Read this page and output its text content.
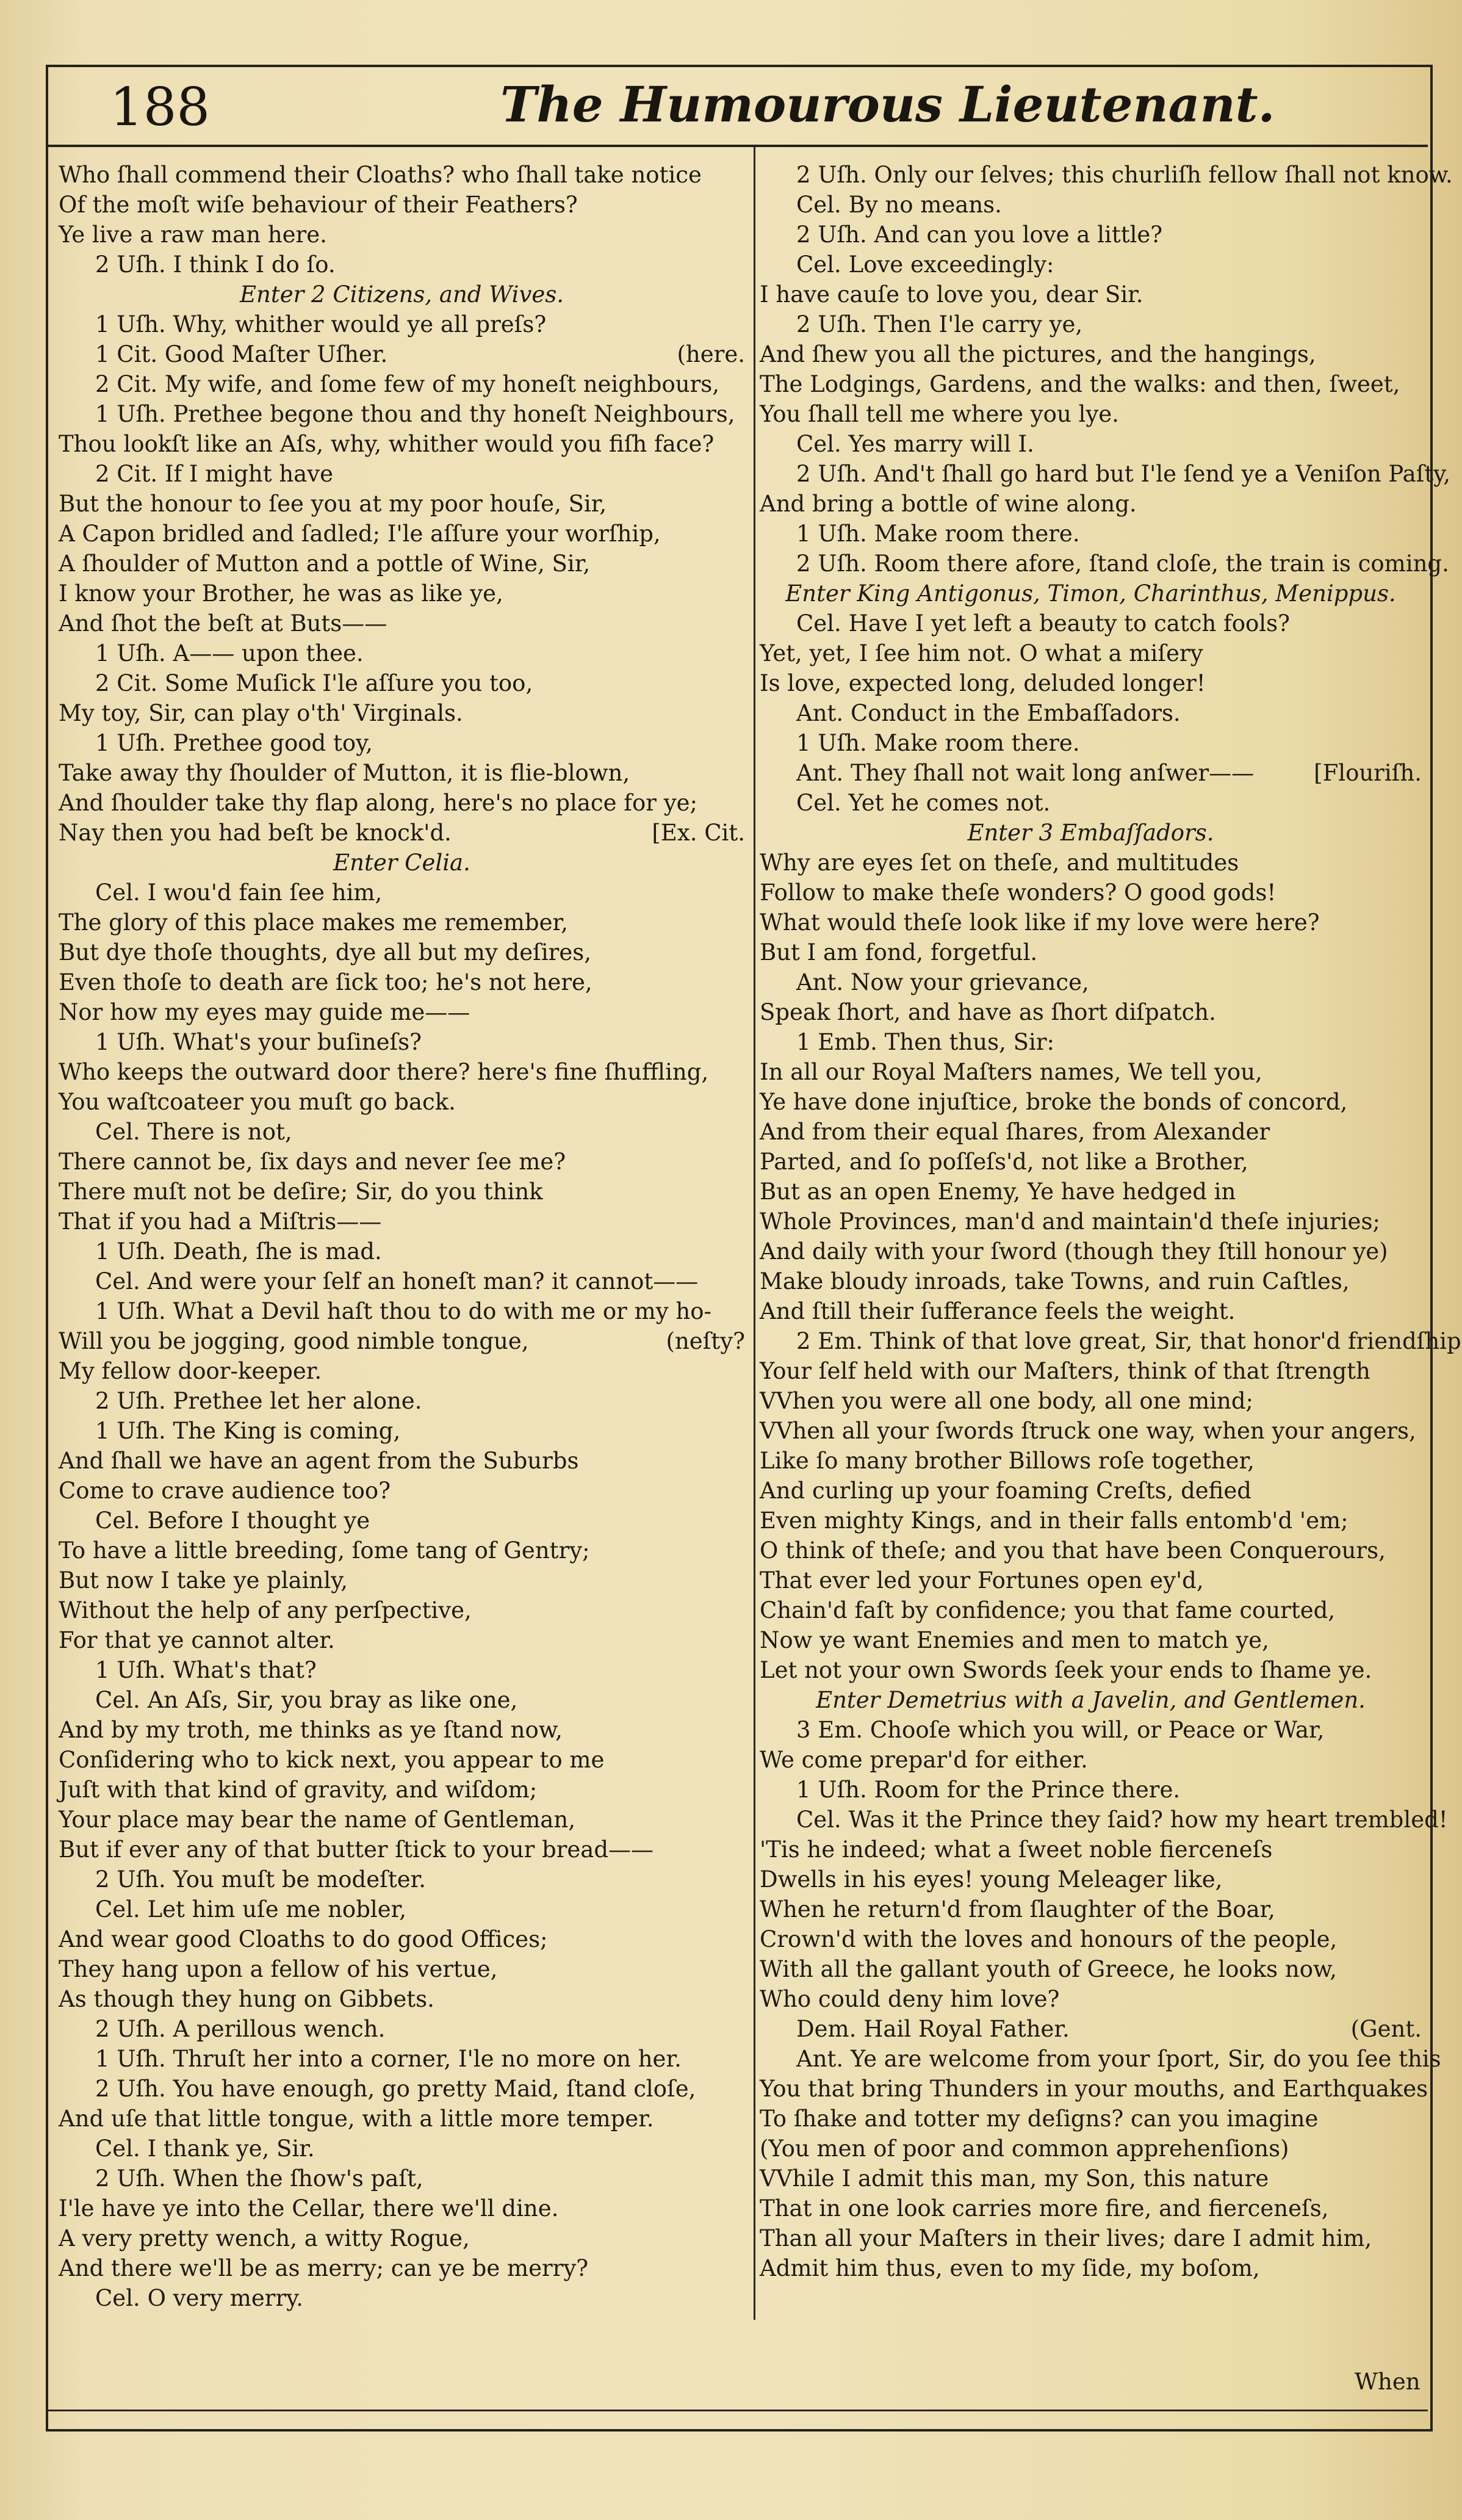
188	The Humourous Lieutenant.
Who ſhall commend their Cloaths? who ſhall take notice
Of the moſt wiſe behaviour of their Feathers?
Ye live a raw man here.
2 Uſh. I think I do ſo.
Enter 2 Citizens, and Wives.
1 Uſh. Why, whither would ye all preſs?
1 Cit. Good Maſter Uſher.	(here.
2 Cit. My wife, and ſome few of my honeſt neighbours,
1 Uſh. Prethee begone thou and thy honeſt Neighbours,
Thou lookſt like an Aſs, why, whither would you fiſh face?
2 Cit. If I might have
But the honour to ſee you at my poor houſe, Sir,
A Capon bridled and ſadled; I'le aſſure your worſhip,
A ſhoulder of Mutton and a pottle of Wine, Sir,
I know your Brother, he was as like ye,
And ſhot the beſt at Buts——
1 Uſh. A—— upon thee.
2 Cit. Some Muſick I'le aſſure you too,
My toy, Sir, can play o'th' Virginals.
1 Uſh. Prethee good toy,
Take away thy ſhoulder of Mutton, it is flie-blown,
And ſhoulder take thy flap along, here's no place for ye;
Nay then you had beſt be knock'd.	[Ex. Cit.
Enter Celia.
Cel. I wou'd fain ſee him,
The glory of this place makes me remember,
But dye thoſe thoughts, dye all but my deſires,
Even thoſe to death are ſick too; he's not here,
Nor how my eyes may guide me——
1 Uſh. What's your buſineſs?
Who keeps the outward door there? here's fine ſhuffling,
You waſtcoateer you muſt go back.
Cel. There is not,
There cannot be, ſix days and never ſee me?
There muſt not be deſire; Sir, do you think
That if you had a Miſtris——
1 Uſh. Death, ſhe is mad.
Cel. And were your ſelf an honeſt man? it cannot——
1 Uſh. What a Devil haſt thou to do with me or my ho-
Will you be jogging, good nimble tongue,	(neſty?
My fellow door-keeper.
2 Uſh. Prethee let her alone.
1 Uſh. The King is coming,
And ſhall we have an agent from the Suburbs
Come to crave audience too?
Cel. Before I thought ye
To have a little breeding, ſome tang of Gentry;
But now I take ye plainly,
Without the help of any perſpective,
For that ye cannot alter.
1 Uſh. What's that?
Cel. An Aſs, Sir, you bray as like one,
And by my troth, me thinks as ye ſtand now,
Conſidering who to kick next, you appear to me
Juſt with that kind of gravity, and wiſdom;
Your place may bear the name of Gentleman,
But if ever any of that butter ſtick to your bread——
2 Uſh. You muſt be modeſter.
Cel. Let him uſe me nobler,
And wear good Cloaths to do good Offices;
They hang upon a fellow of his vertue,
As though they hung on Gibbets.
2 Uſh. A perillous wench.
1 Uſh. Thruſt her into a corner, I'le no more on her.
2 Uſh. You have enough, go pretty Maid, ſtand cloſe,
And uſe that little tongue, with a little more temper.
Cel. I thank ye, Sir.
2 Uſh. When the ſhow's paſt,
I'le have ye into the Cellar, there we'll dine.
A very pretty wench, a witty Rogue,
And there we'll be as merry; can ye be merry?
Cel. O very merry.
2 Uſh. Only our ſelves; this churliſh fellow ſhall not know.
Cel. By no means.
2 Uſh. And can you love a little?
Cel. Love exceedingly:
I have cauſe to love you, dear Sir.
2 Uſh. Then I'le carry ye,
And ſhew you all the pictures, and the hangings,
The Lodgings, Gardens, and the walks: and then, ſweet,
You ſhall tell me where you lye.
Cel. Yes marry will I.
2 Uſh. And't ſhall go hard but I'le ſend ye a Veniſon Paſty,
And bring a bottle of wine along.
1 Uſh. Make room there.
2 Uſh. Room there afore, ſtand cloſe, the train is coming.
Enter King Antigonus, Timon, Charinthus, Menippus.
Cel. Have I yet left a beauty to catch fools?
Yet, yet, I ſee him not. O what a miſery
Is love, expected long, deluded longer!
Ant. Conduct in the Embaſſadors.
1 Uſh. Make room there.
Ant. They ſhall not wait long anſwer——	[Flouriſh.
Cel. Yet he comes not.
Enter 3 Embaſſadors.
Why are eyes ſet on theſe, and multitudes
Follow to make theſe wonders? O good gods!
What would theſe look like if my love were here?
But I am fond, forgetful.
Ant. Now your grievance,
Speak ſhort, and have as ſhort diſpatch.
1 Emb. Then thus, Sir:
In all our Royal Maſters names, We tell you,
Ye have done injuſtice, broke the bonds of concord,
And from their equal ſhares, from Alexander
Parted, and ſo poſſeſs'd, not like a Brother,
But as an open Enemy, Ye have hedged in
Whole Provinces, man'd and maintain'd theſe injuries;
And daily with your ſword (though they ſtill honour ye)
Make bloudy inroads, take Towns, and ruin Caſtles,
And ſtill their ſufferance feels the weight.
2 Em. Think of that love great, Sir, that honor'd friendſhip
Your ſelf held with our Maſters, think of that ſtrength
VVhen you were all one body, all one mind;
VVhen all your ſwords ſtruck one way, when your angers,
Like ſo many brother Billows roſe together,
And curling up your foaming Creſts, defied
Even mighty Kings, and in their falls entomb'd 'em;
O think of theſe; and you that have been Conquerours,
That ever led your Fortunes open ey'd,
Chain'd faſt by confidence; you that fame courted,
Now ye want Enemies and men to match ye,
Let not your own Swords ſeek your ends to ſhame ye.
Enter Demetrius with a Javelin, and Gentlemen.
3 Em. Chooſe which you will, or Peace or War,
We come prepar'd for either.
1 Uſh. Room for the Prince there.
Cel. Was it the Prince they ſaid? how my heart trembled!
'Tis he indeed; what a ſweet noble fierceneſs
Dwells in his eyes! young Meleager like,
When he return'd from ſlaughter of the Boar,
Crown'd with the loves and honours of the people,
With all the gallant youth of Greece, he looks now,
Who could deny him love?
Dem. Hail Royal Father.	(Gent.
Ant. Ye are welcome from your ſport, Sir, do you ſee this
You that bring Thunders in your mouths, and Earthquakes
To ſhake and totter my deſigns? can you imagine
(You men of poor and common apprehenſions)
VVhile I admit this man, my Son, this nature
That in one look carries more fire, and fierceneſs,
Than all your Maſters in their lives; dare I admit him,
Admit him thus, even to my ſide, my boſom,
When
